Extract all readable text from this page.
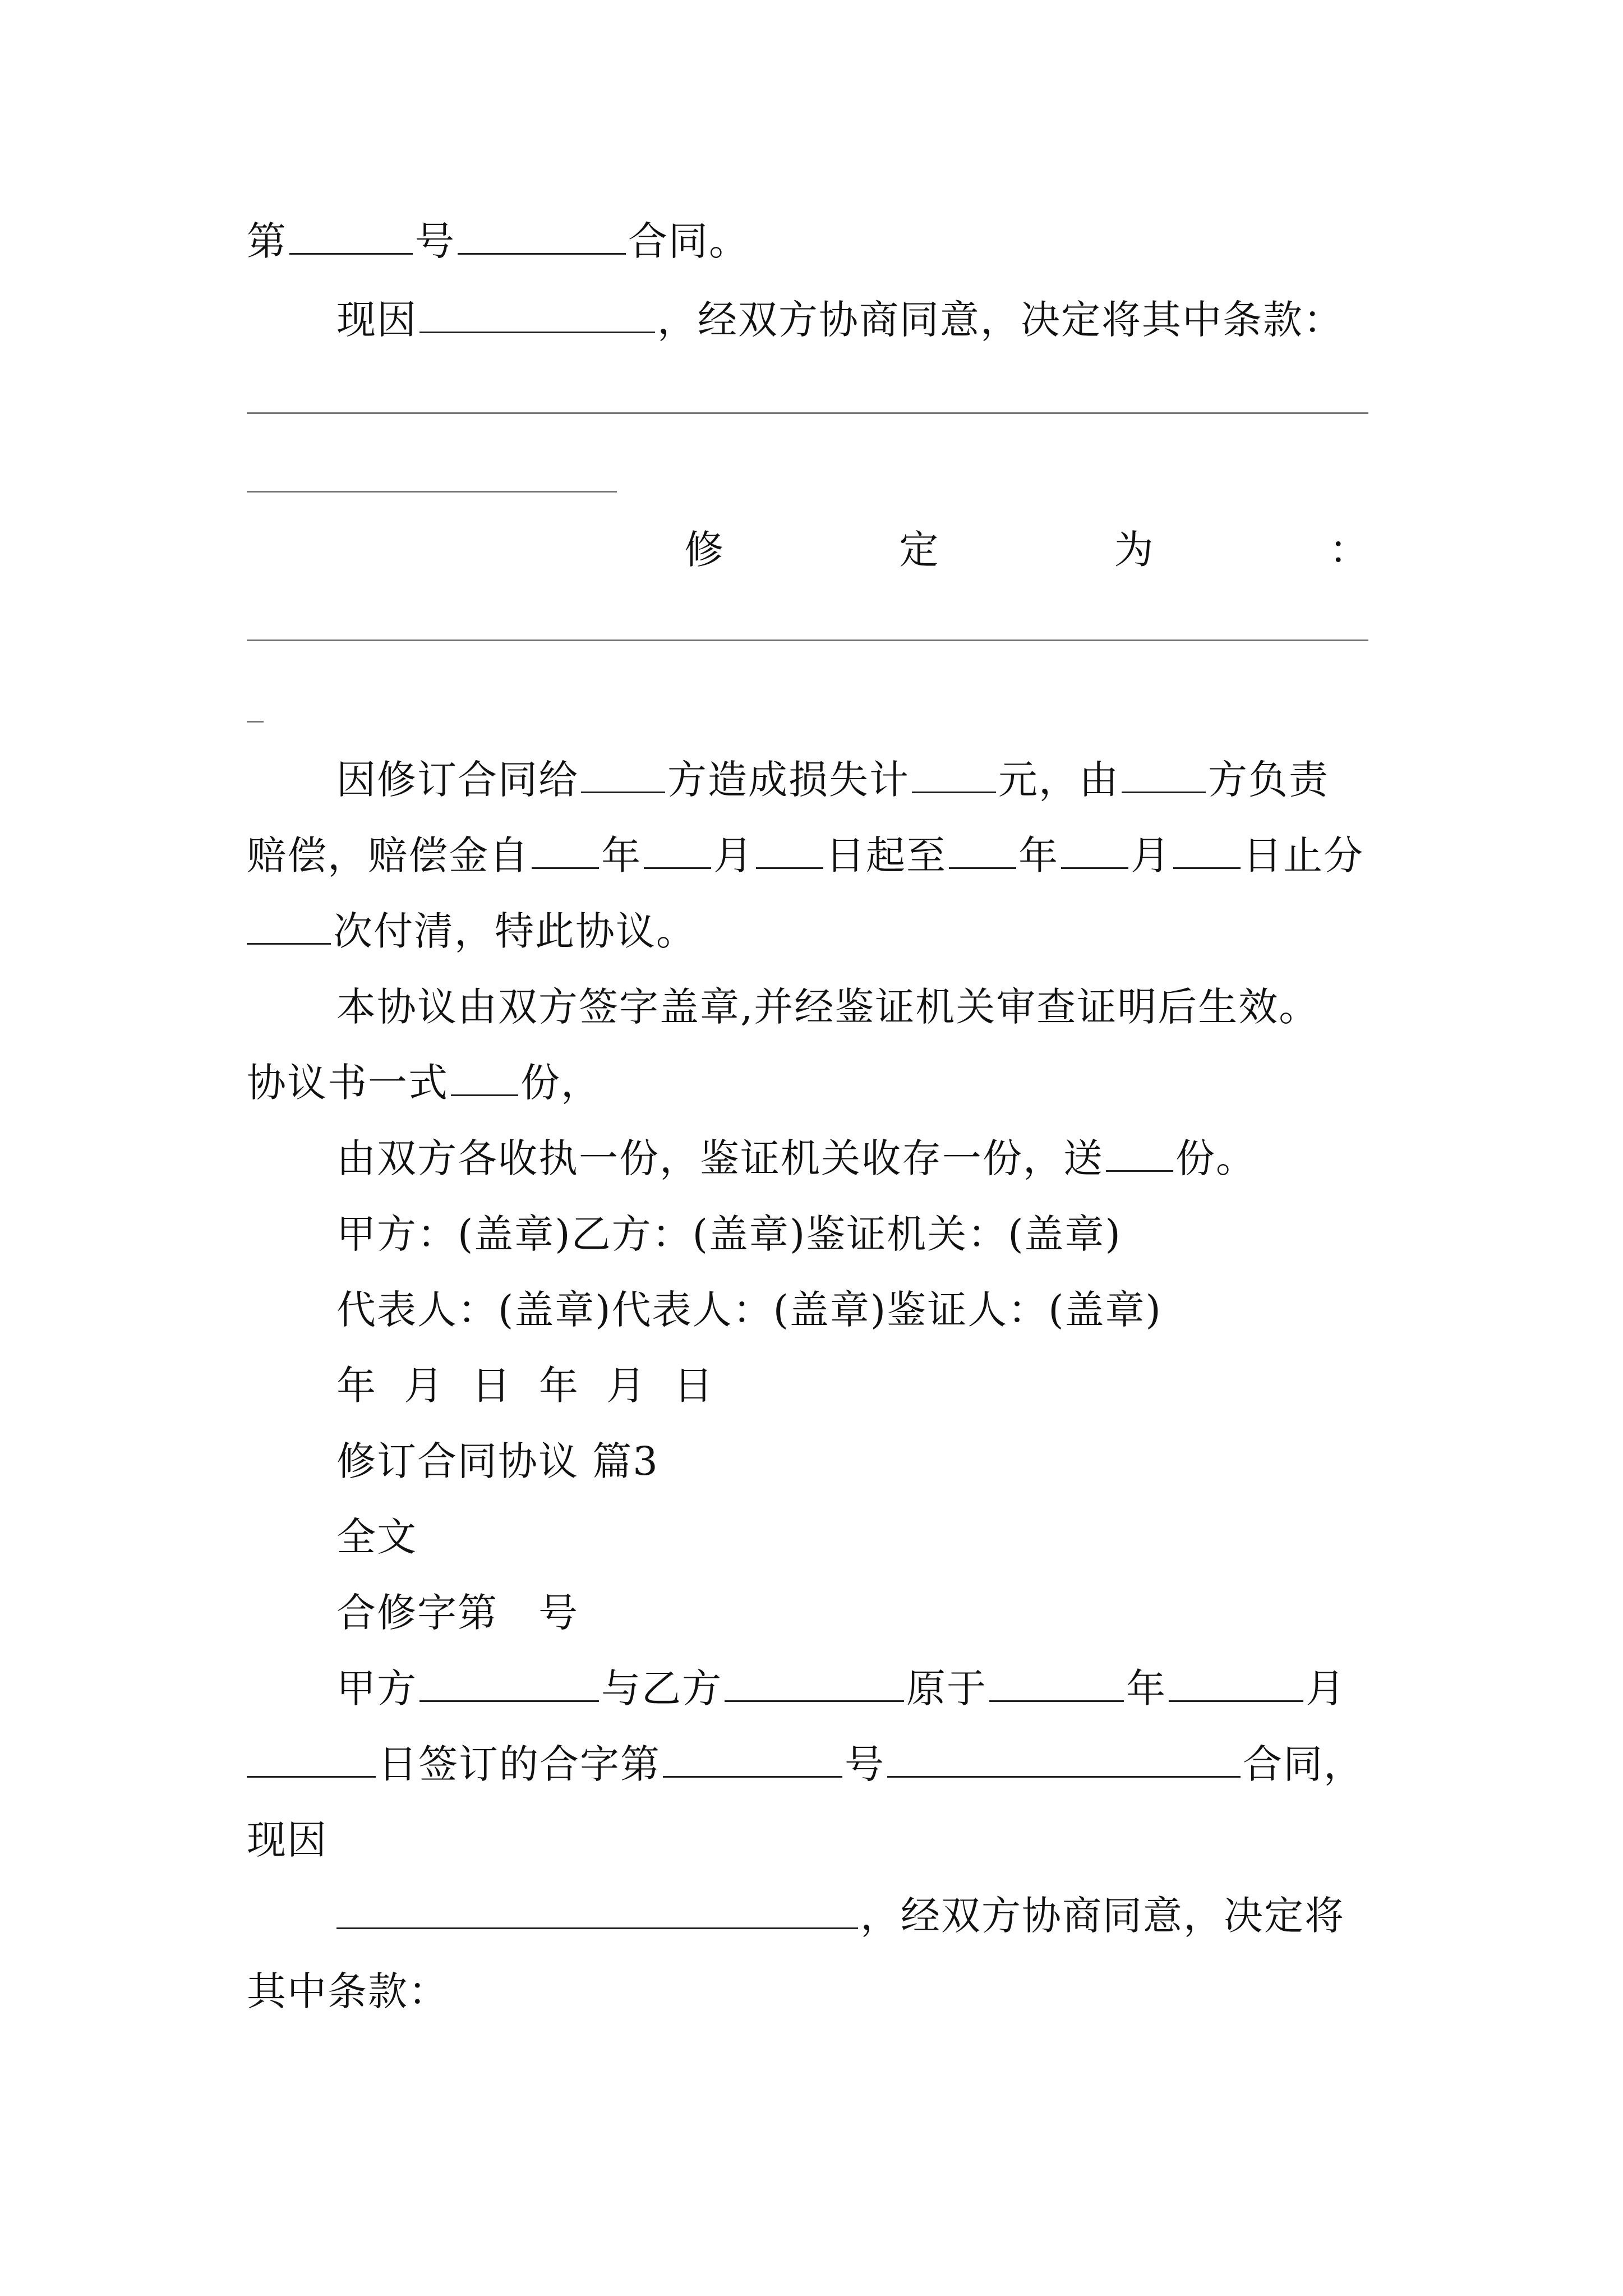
第	号	合同。
现因	，经双方协商同意，决定将其中条款：
修	定	为	：
因修订合同给 方造成损失计 元，由 方负责
赔偿，赔偿金自 年 月 日起至 年 月 日止分
次付清，特此协议。
本协议由双方签字盖章,并经鉴证机关审查证明后生效。
协议书一式 份，
由双方各收执一份，鉴证机关收存一份，送 份。
甲方：(盖章)乙方：(盖章)鉴证机关：(盖章)
代表人：(盖章)代表人：(盖章)鉴证人：(盖章)
年 月 日 年 月 日
修订合同协议 篇3
全文
合修字第　号
甲方	与乙方	原于	年	月
日签订的合字第	号	合同，
现因
，经双方协商同意，决定将
其中条款：
